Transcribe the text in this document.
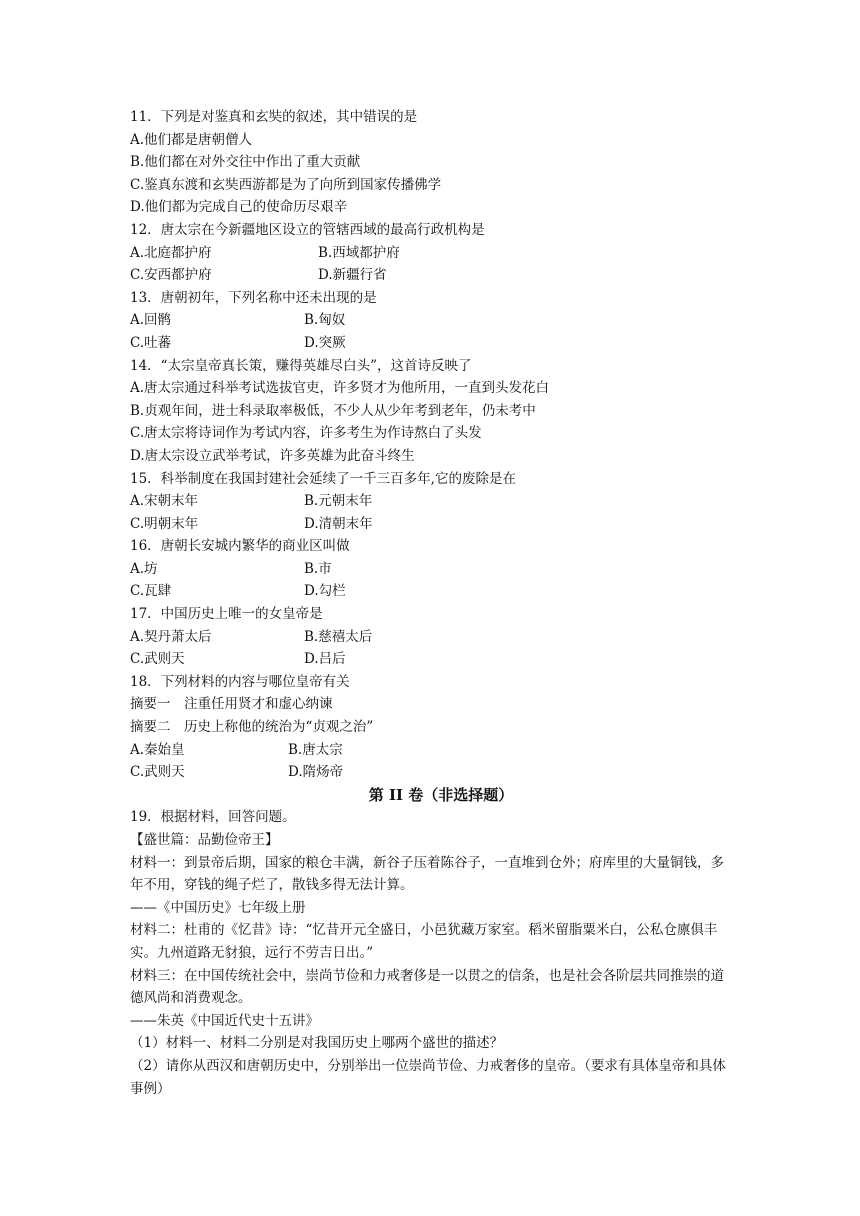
11．下列是对鉴真和玄奘的叙述，其中错误的是
A.他们都是唐朝僧人
B.他们都在对外交往中作出了重大贡献
C.鉴真东渡和玄奘西游都是为了向所到国家传播佛学
D.他们都为完成自己的使命历尽艰辛
12．唐太宗在今新疆地区设立的管辖西域的最高行政机构是
A.北庭都护府	B.西域都护府
C.安西都护府	D.新疆行省
13．唐朝初年，下列名称中还未出现的是
A.回鹘	B.匈奴
C.吐蕃	D.突厥
14．“太宗皇帝真长策，赚得英雄尽白头”，这首诗反映了
A.唐太宗通过科举考试选拔官吏，许多贤才为他所用，一直到头发花白
B.贞观年间，进士科录取率极低，不少人从少年考到老年，仍未考中
C.唐太宗将诗词作为考试内容，许多考生为作诗熬白了头发
D.唐太宗设立武举考试，许多英雄为此奋斗终生
15．科举制度在我国封建社会延续了一千三百多年,它的废除是在
A.宋朝末年	B.元朝末年
C.明朝末年	D.清朝末年
16．唐朝长安城内繁华的商业区叫做
A.坊	B.市
C.瓦肆	D.勾栏
17．中国历史上唯一的女皇帝是
A.契丹萧太后	B.慈禧太后
C.武则天	D.吕后
18．下列材料的内容与哪位皇帝有关
摘要一　注重任用贤才和虚心纳谏
摘要二　历史上称他的统治为“贞观之治”
A.秦始皇	B.唐太宗
C.武则天	D.隋炀帝
第 II 卷（非选择题）
19．根据材料，回答问题。
【盛世篇：品勤俭帝王】
材料一：到景帝后期，国家的粮仓丰满，新谷子压着陈谷子，一直堆到仓外；府库里的大量铜钱，多年不用，穿钱的绳子烂了，散钱多得无法计算。
——《中国历史》七年级上册
材料二：杜甫的《忆昔》诗：“忆昔开元全盛日，小邑犹藏万家室。稻米留脂粟米白，公私仓廪俱丰实。九州道路无豺狼，远行不劳吉日出。”
材料三：在中国传统社会中，崇尚节俭和力戒奢侈是一以贯之的信条，也是社会各阶层共同推崇的道德风尚和消费观念。
——朱英《中国近代史十五讲》
（1）材料一、材料二分别是对我国历史上哪两个盛世的描述？
（2）请你从西汉和唐朝历史中，分别举出一位崇尚节俭、力戒奢侈的皇帝。（要求有具体皇帝和具体事例）
